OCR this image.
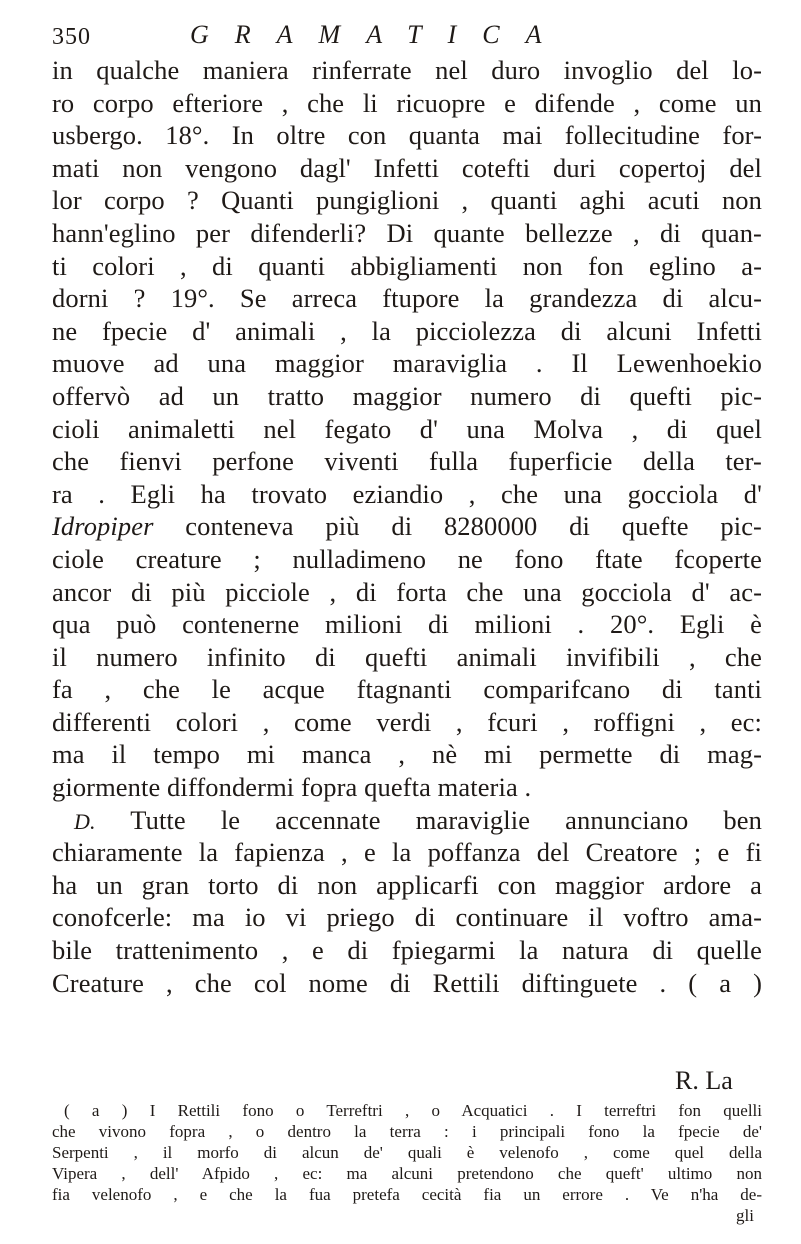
350	GRAMATICA
in qualche maniera rinferrate nel duro invoglio del lo-
ro corpo efteriore , che li ricuopre e difende , come un
usbergo. 18°. In oltre con quanta mai follecitudine for-
mati non vengono dagl' Infetti cotefti duri copertoj del
lor corpo ? Quanti pungiglioni , quanti aghi acuti non
hann'eglino per difenderli? Di quante bellezze , di quan-
ti colori , di quanti abbigliamenti non fon eglino a-
dorni ? 19°. Se arreca ftupore la grandezza di alcu-
ne fpecie d' animali , la picciolezza di alcuni Infetti
muove ad una maggior maraviglia . Il Lewenhoekio
offervò ad un tratto maggior numero di quefti pic-
cioli animaletti nel fegato d' una Molva , di quel
che fienvi perfone viventi fulla fuperficie della ter-
ra . Egli ha trovato eziandio , che una gocciola d'
Idropiper conteneva più di 8280000 di quefte pic-
ciole creature ; nulladimeno ne fono ftate fcoperte
ancor di più picciole , di forta che una gocciola d' ac-
qua può contenerne milioni di milioni . 20°. Egli è
il numero infinito di quefti animali invifibili , che
fa , che le acque ftagnanti comparifcano di tanti
differenti colori , come verdi , fcuri , roffigni , ec:
ma il tempo mi manca , nè mi permette di mag-
giormente diffondermi fopra quefta materia .
D. Tutte le accennate maraviglie annunciano ben
chiaramente la fapienza , e la poffanza del Creatore ; e fi
ha un gran torto di non applicarfi con maggior ardore a
conofcerle: ma io vi priego di continuare il voftro ama-
bile trattenimento , e di fpiegarmi la natura di quelle
Creature , che col nome di Rettili diftinguete . ( a )
R. La
( a ) I Rettili fono o Terreftri , o Acquatici . I terreftri fon quelli
che vivono fopra , o dentro la terra : i principali fono la fpecie de'
Serpenti , il morfo di alcun de' quali è velenofo , come quel della
Vipera , dell' Afpido , ec: ma alcuni pretendono che queft' ultimo non
fia velenofo , e che la fua pretefa cecità fia un errore . Ve n'ha de-
gli
